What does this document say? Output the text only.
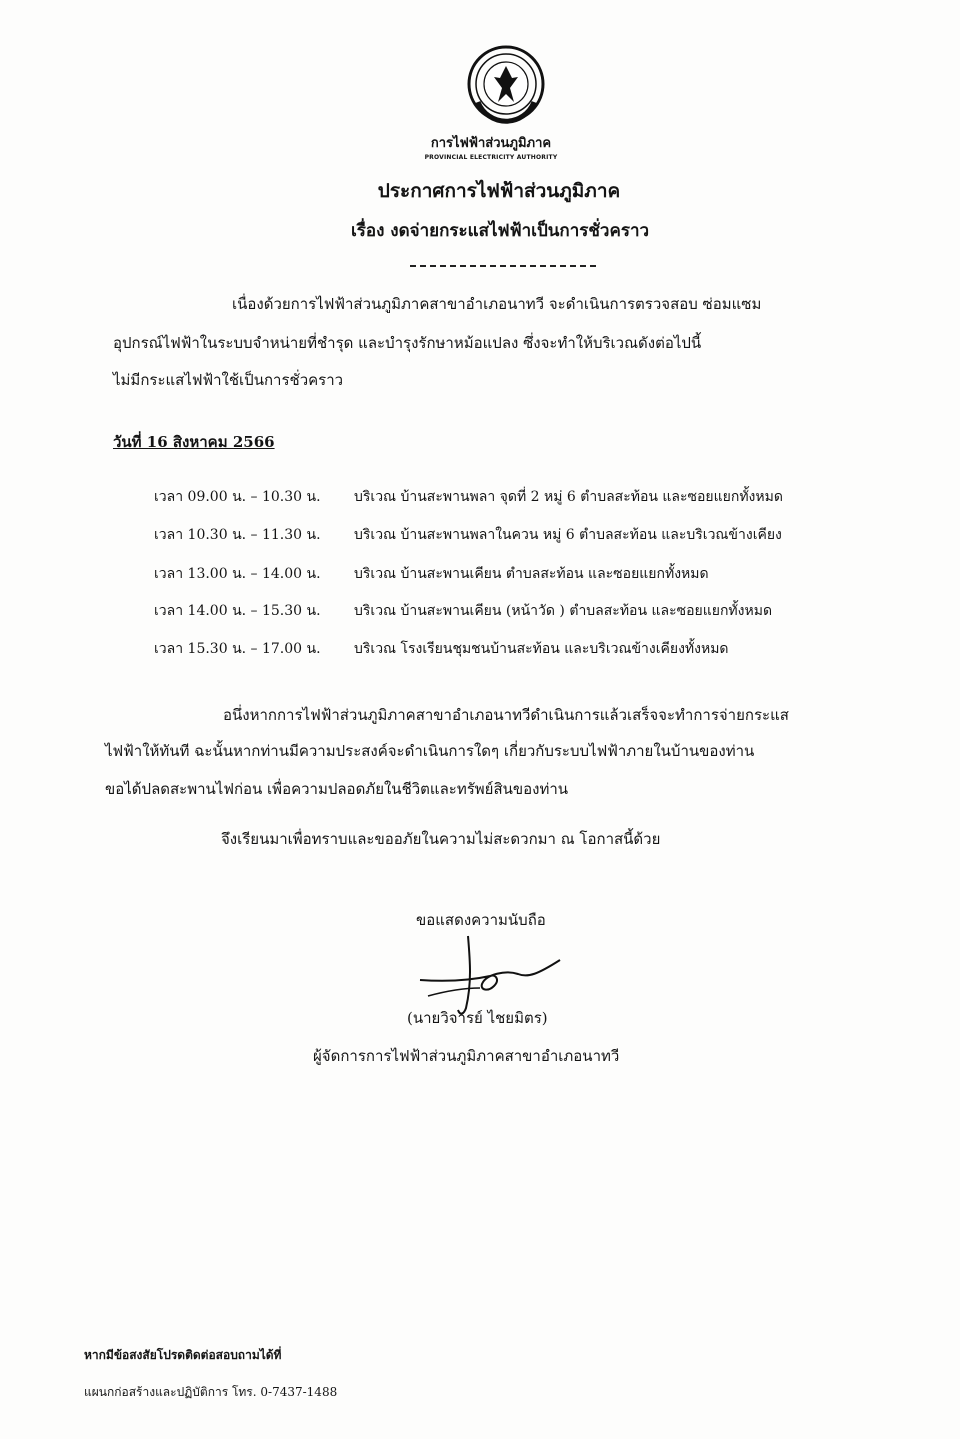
การไฟฟ้าส่วนภูมิภาค
PROVINCIAL ELECTRICITY AUTHORITY
ประกาศการไฟฟ้าส่วนภูมิภาค
เรื่อง งดจ่ายกระแสไฟฟ้าเป็นการชั่วคราว
เนื่องด้วยการไฟฟ้าส่วนภูมิภาคสาขาอำเภอนาทวี จะดำเนินการตรวจสอบ ซ่อมแซม
อุปกรณ์ไฟฟ้าในระบบจำหน่ายที่ชำรุด และบำรุงรักษาหม้อแปลง ซึ่งจะทำให้บริเวณดังต่อไปนี้
ไม่มีกระแสไฟฟ้าใช้เป็นการชั่วคราว
วันที่ 16 สิงหาคม 2566
เวลา 09.00 น. – 10.30 น.	บริเวณ บ้านสะพานพลา จุดที่ 2 หมู่ 6 ตำบลสะท้อน และซอยแยกทั้งหมด
เวลา 10.30 น. – 11.30 น.	บริเวณ บ้านสะพานพลาในควน หมู่ 6 ตำบลสะท้อน และบริเวณข้างเคียง
เวลา 13.00 น. – 14.00 น.	บริเวณ บ้านสะพานเคียน ตำบลสะท้อน และซอยแยกทั้งหมด
เวลา 14.00 น. – 15.30 น.	บริเวณ บ้านสะพานเคียน (หน้าวัด ) ตำบลสะท้อน และซอยแยกทั้งหมด
เวลา 15.30 น. – 17.00 น.	บริเวณ โรงเรียนชุมชนบ้านสะท้อน และบริเวณข้างเคียงทั้งหมด
อนึ่งหากการไฟฟ้าส่วนภูมิภาคสาขาอำเภอนาทวีดำเนินการแล้วเสร็จจะทำการจ่ายกระแส
ไฟฟ้าให้ทันที ฉะนั้นหากท่านมีความประสงค์จะดำเนินการใดๆ เกี่ยวกับระบบไฟฟ้าภายในบ้านของท่าน
ขอได้ปลดสะพานไฟก่อน เพื่อความปลอดภัยในชีวิตและทรัพย์สินของท่าน
จึงเรียนมาเพื่อทราบและขออภัยในความไม่สะดวกมา ณ โอกาสนี้ด้วย
ขอแสดงความนับถือ
(นายวิจารย์ ไชยมิตร)
ผู้จัดการการไฟฟ้าส่วนภูมิภาคสาขาอำเภอนาทวี
หากมีข้อสงสัยโปรดติดต่อสอบถามได้ที่
แผนกก่อสร้างและปฏิบัติการ โทร. 0-7437-1488
